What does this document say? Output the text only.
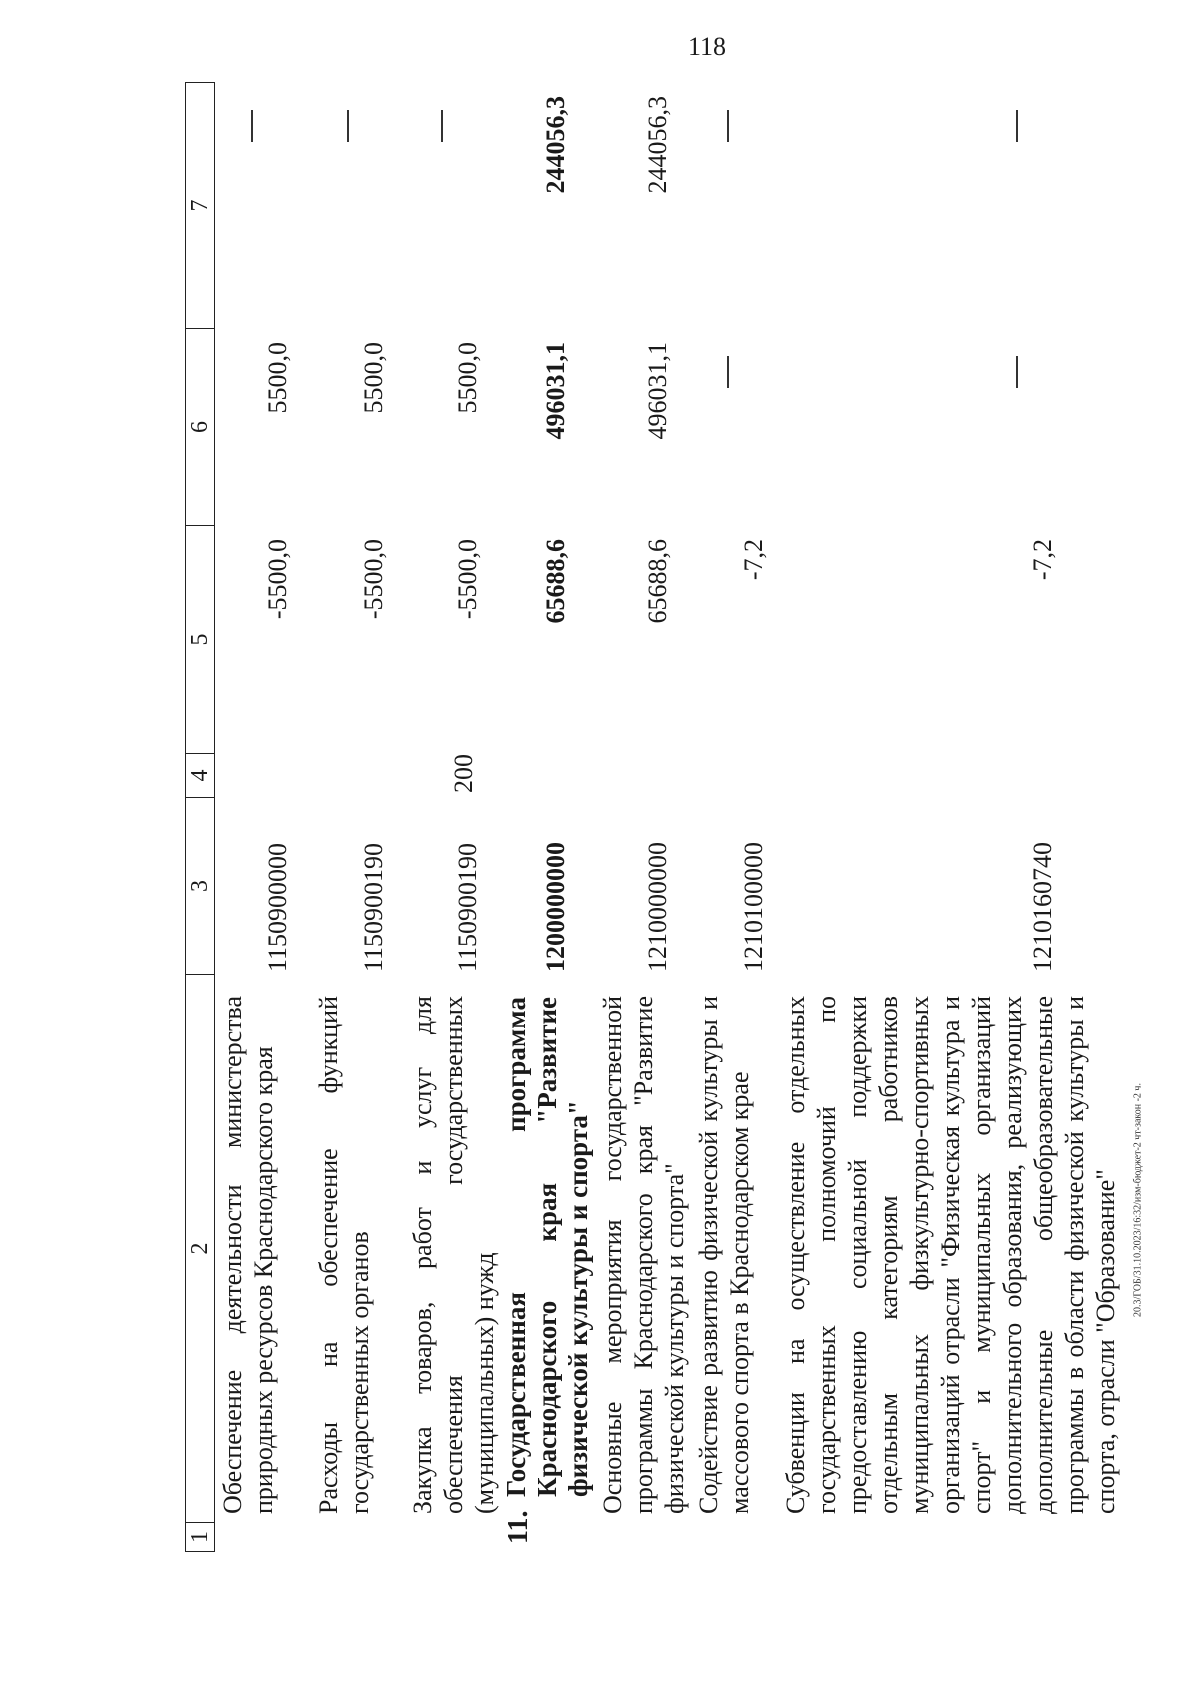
118
20.3/ГОБ/31.10.2023/16:32/изм-бюджет-2 чт-закон -2 ч.
1
2
3
4
5
6
7
Обеспечение деятельности министерства природных ресурсов Краснодарского края
1150900000
-5500,0
5500,0
Расходы на обеспечение функций государственных органов
1150900190
-5500,0
5500,0
Закупка товаров, работ и услуг для обеспечения государственных (муниципальных) нужд
1150900190
200
-5500,0
5500,0
11.
Государственная программа Краснодарского края "Развитие физической культуры и спорта"
1200000000
65688,6
496031,1
244056,3
Основные мероприятия государственной программы Краснодарского края "Развитие физической культуры и спорта"
1210000000
65688,6
496031,1
244056,3
Содействие развитию физической культуры и массового спорта в Краснодарском крае
1210100000
-7,2
Субвенции на осуществление отдельных государственных полномочий по предоставлению социальной поддержки отдельным категориям работников муниципальных физкультурно-спортивных организаций отрасли "Физическая культура и спорт" и муниципальных организаций дополнительного образования, реализующих дополнительные общеобразовательные программы в области физической культуры и спорта, отрасли "Образование"
1210160740
-7,2
